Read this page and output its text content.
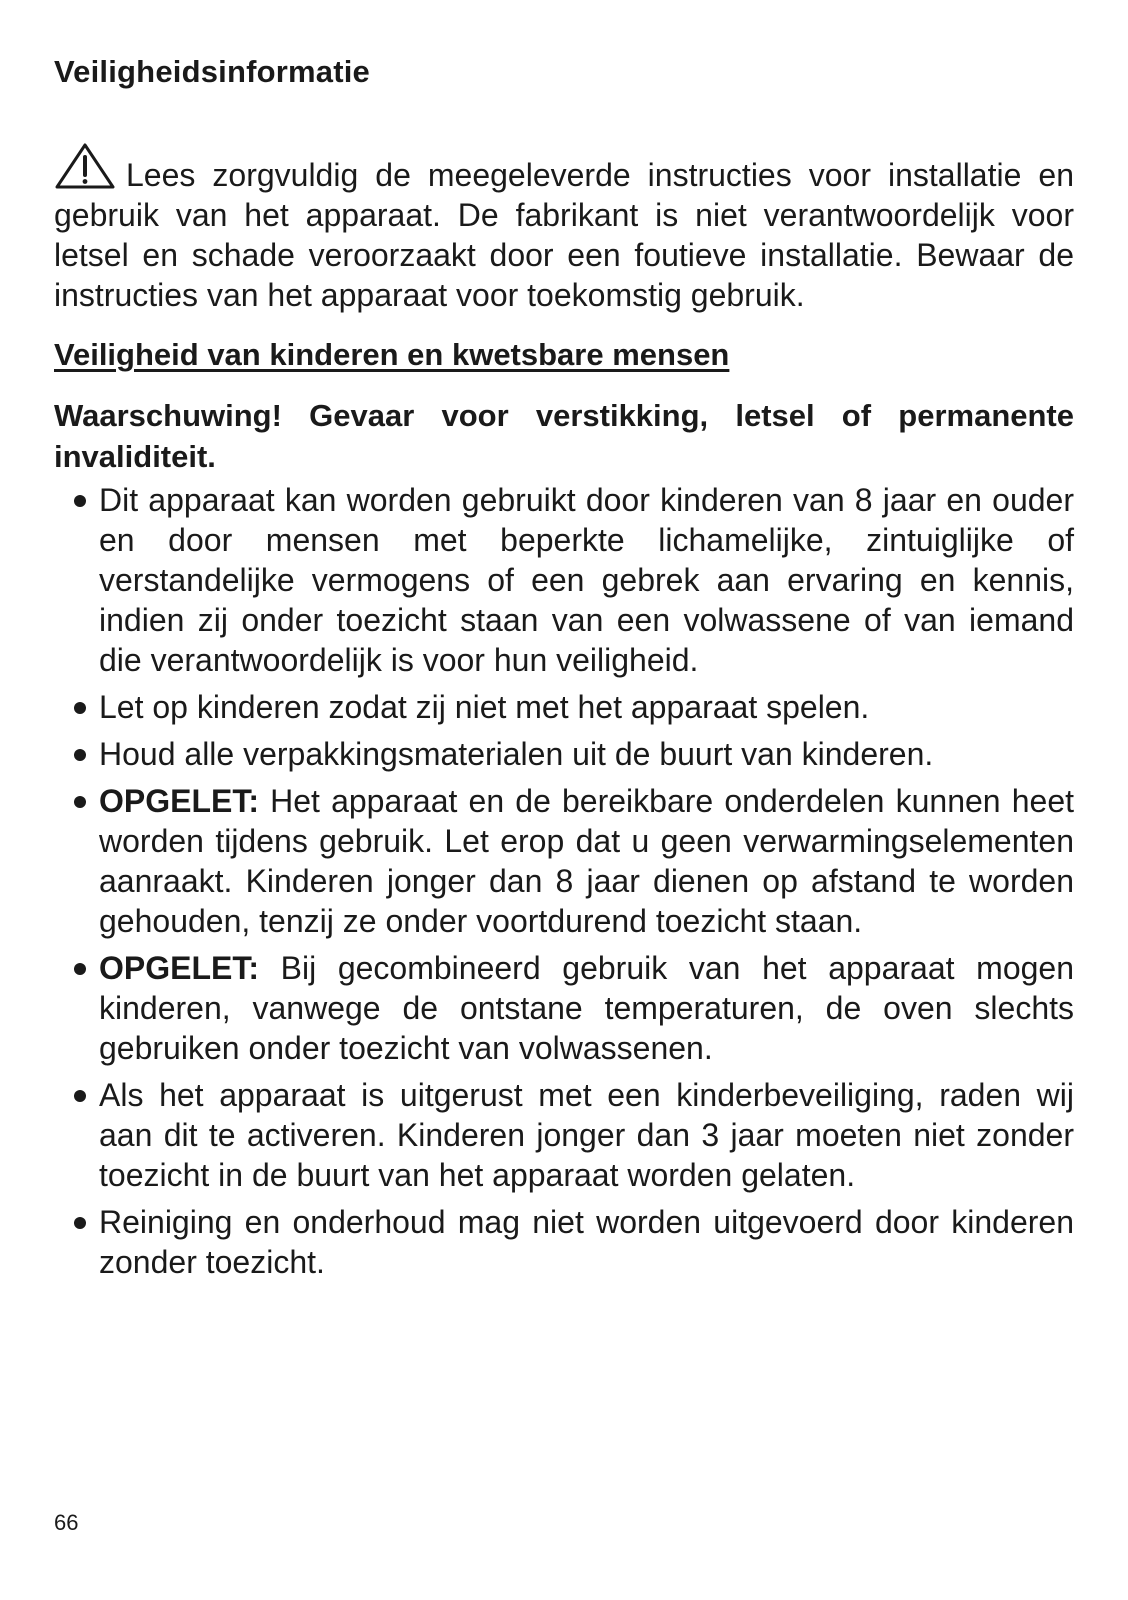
Veiligheidsinformatie
Lees zorgvuldig de meegeleverde instructies voor installatie en gebruik van het apparaat. De fabrikant is niet verantwoordelijk voor letsel en schade veroorzaakt door een foutieve installatie. Bewaar de instructies van het apparaat voor toekomstig gebruik.
Veiligheid van kinderen en kwetsbare mensen
Waarschuwing! Gevaar voor verstikking, letsel of permanente invaliditeit.
Dit apparaat kan worden gebruikt door kinderen van 8 jaar en ouder en door mensen met beperkte lichamelijke, zintuiglijke of verstandelijke vermogens of een gebrek aan ervaring en kennis, indien zij onder toezicht staan van een volwassene of van iemand die verantwoordelijk is voor hun veiligheid.
Let op kinderen zodat zij niet met het apparaat spelen.
Houd alle verpakkingsmaterialen uit de buurt van kinderen.
OPGELET: Het apparaat en de bereikbare onderdelen kunnen heet worden tijdens gebruik. Let erop dat u geen verwarmingselementen aanraakt. Kinderen jonger dan 8 jaar dienen op afstand te worden gehouden, tenzij ze onder voortdurend toezicht staan.
OPGELET: Bij gecombineerd gebruik van het apparaat mogen kinderen, vanwege de ontstane temperaturen, de oven slechts gebruiken onder toezicht van volwassenen.
Als het apparaat is uitgerust met een kinderbeveiliging, raden wij aan dit te activeren. Kinderen jonger dan 3 jaar moeten niet zonder toezicht in de buurt van het apparaat worden gelaten.
Reiniging en onderhoud mag niet worden uitgevoerd door kinderen zonder toezicht.
66
